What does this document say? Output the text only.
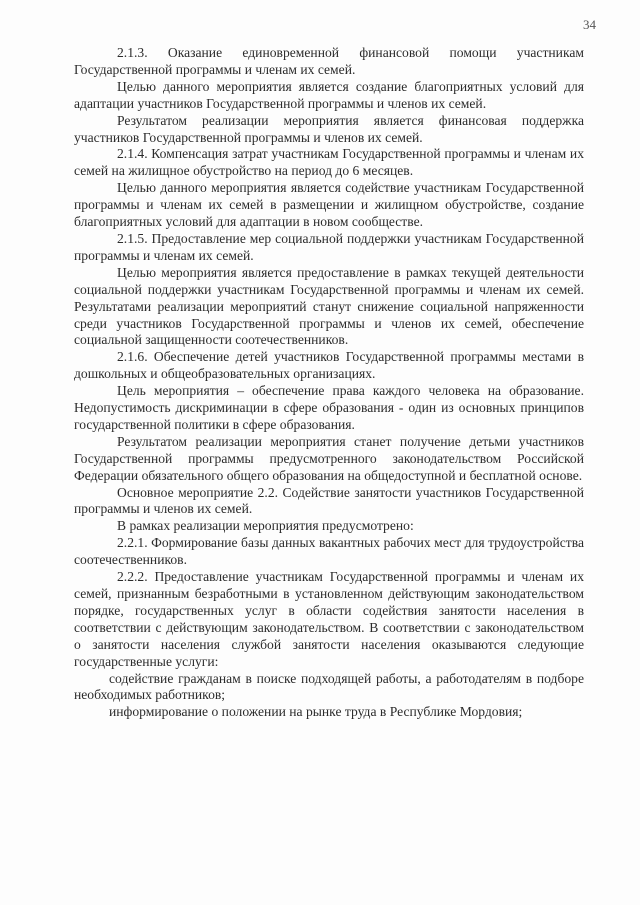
34

2.1.3. Оказание единовременной финансовой помощи участникам Государственной программы и членам их семей.

Целью данного мероприятия является создание благоприятных условий для адаптации участников Государственной программы и членов их семей.

Результатом реализации мероприятия является финансовая поддержка участников Государственной программы и членов их семей.

2.1.4. Компенсация затрат участникам Государственной программы и членам их семей на жилищное обустройство на период до 6 месяцев.

Целью данного мероприятия является содействие участникам Государственной программы и членам их семей в размещении и жилищном обустройстве, создание благоприятных условий для адаптации в новом сообществе.

2.1.5. Предоставление мер социальной поддержки участникам Государственной программы и членам их семей.

Целью мероприятия является предоставление в рамках текущей деятельности социальной поддержки участникам Государственной программы и членам их семей. Результатами реализации мероприятий станут снижение социальной напряженности среди участников Государственной программы и членов их семей, обеспечение социальной защищенности соотечественников.

2.1.6. Обеспечение детей участников Государственной программы местами в дошкольных и общеобразовательных организациях.

Цель мероприятия – обеспечение права каждого человека на образование. Недопустимость дискриминации в сфере образования - один из основных принципов государственной политики в сфере образования.

Результатом реализации мероприятия станет получение детьми участников Государственной программы предусмотренного законодательством Российской Федерации обязательного общего образования на общедоступной и бесплатной основе.

Основное мероприятие 2.2. Содействие занятости участников Государственной программы и членов их семей.

В рамках реализации мероприятия предусмотрено:

2.2.1. Формирование базы данных вакантных рабочих мест для трудоустройства соотечественников.

2.2.2. Предоставление участникам Государственной программы и членам их семей, признанным безработными в установленном действующим законодательством порядке, государственных услуг в области содействия занятости населения в соответствии с действующим законодательством. В соответствии с законодательством о занятости населения службой занятости населения оказываются следующие государственные услуги:

содействие гражданам в поиске подходящей работы, а работодателям в подборе необходимых работников;

информирование о положении на рынке труда в Республике Мордовия;
